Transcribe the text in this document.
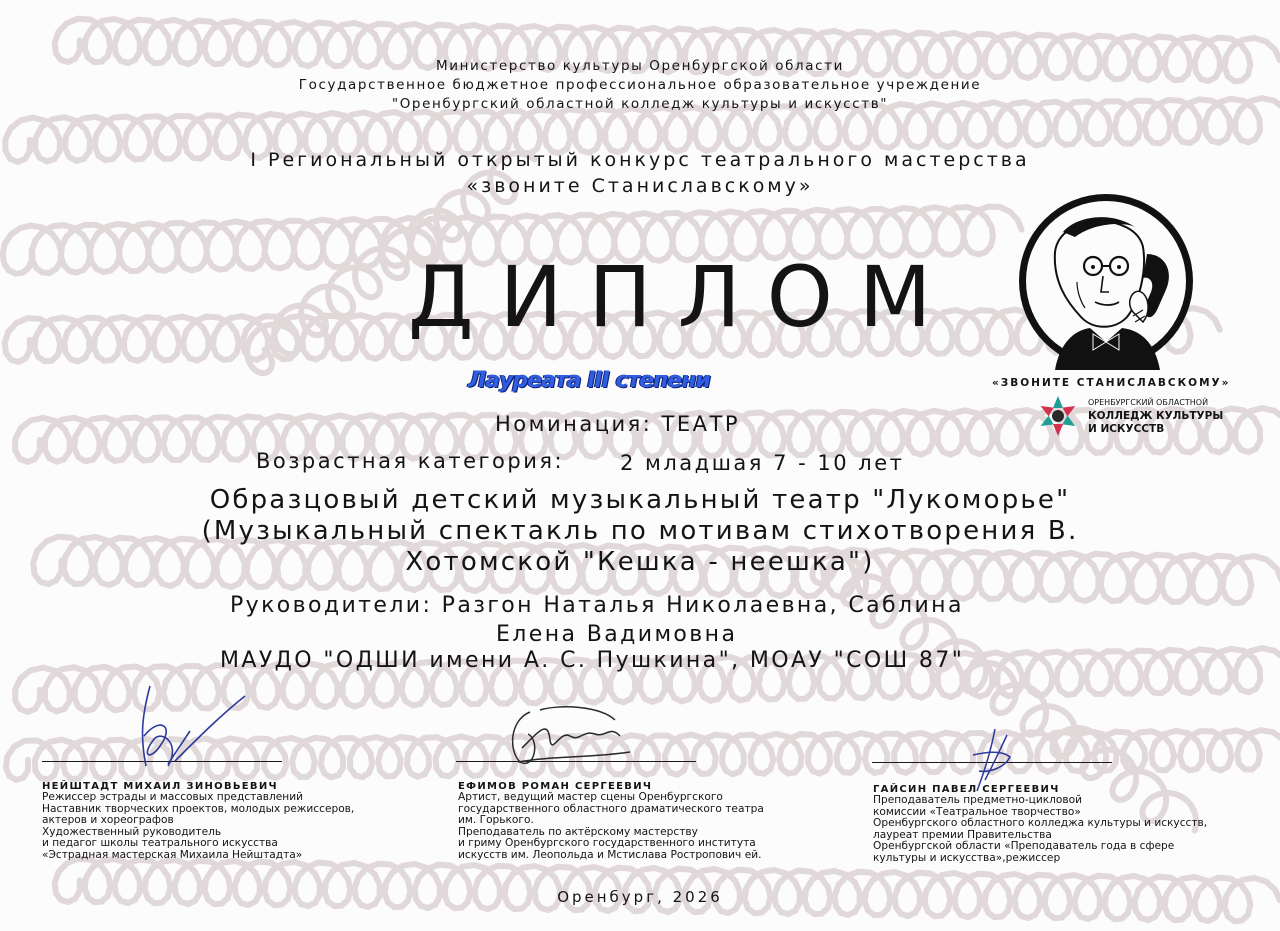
Министерство культуры Оренбургской области
Государственное бюджетное профессиональное образовательное учреждение
"Оренбургский областной колледж культуры и искусств"
I Региональный открытый конкурс театрального мастерства
«звоните Станиславскому»
ДИПЛОМ
Лауреата III степени
Номинация: ТЕАТР
Возрастная категория:	2 младшая 7 - 10 лет
Образцовый детский музыкальный театр "Лукоморье"
(Музыкальный спектакль по мотивам стихотворения В.
Хотомской "Кешка - неешка")
Руководители: Разгон Наталья Николаевна, Саблина
Елена Вадимовна
МАУДО "ОДШИ имени А. С. Пушкина", МОАУ "СОШ 87"
НЕЙШТАДТ МИХАИЛ ЗИНОВЬЕВИЧ
Режиссер эстрады и массовых представлений
Наставник творческих проектов, молодых режиссеров,
актеров и хореографов
Художественный руководитель
и педагог школы театрального искусства
«Эстрадная мастерская Михаила Нейштадта»
ЕФИМОВ РОМАН СЕРГЕЕВИЧ
Артист, ведущий мастер сцены Оренбургского
государственного областного драматического театра
им. Горького.
Преподаватель по актёрскому мастерству
и гриму Оренбургского государственного института
искусств им. Леопольда и Мстислава Ростропович ей.
ГАЙСИН ПАВЕЛ СЕРГЕЕВИЧ
Преподаватель предметно-цикловой
комиссии «Театральное творчество»
Оренбургского областного колледжа культуры и искусств,
лауреат премии Правительства
Оренбургской области «Преподаватель года в сфере
культуры и искусства»,режиссер
Оренбург, 2026
КОНКУРС
«ЗВОНИТЕ СТАНИСЛАВСКОМУ»
ОРЕНБУРГСКИЙ ОБЛАСТНОЙ
КОЛЛЕДЖ КУЛЬТУРЫ
И ИСКУССТВ
